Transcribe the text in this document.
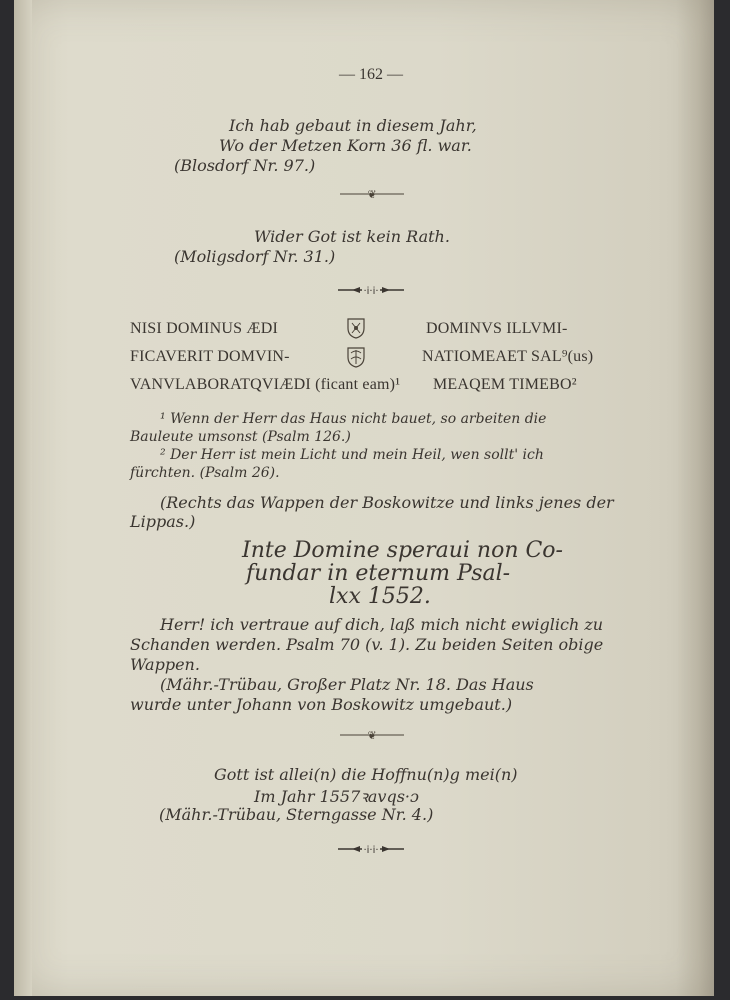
— 162 —
Ich hab gebaut in diesem Jahr,
Wo der Metzen Korn 36 fl. war.
(Blosdorf Nr. 97.)
❦
Wider Got ist kein Rath.
(Moligsdorf Nr. 31.)
·i·i·
NISI DOMINUS ÆDI
FICAVERIT DOMVIN-
VANVLABORATQVIÆDI (ficant eam)¹
DOMINVS ILLVMI-
NATIOMEAET SAL⁹(us)
MEAQEM TIMEBO²
¹ Wenn der Herr das Haus nicht bauet, so arbeiten die
Bauleute umsonst (Psalm 126.)
² Der Herr ist mein Licht und mein Heil, wen sollt' ich
fürchten. (Psalm 26).
(Rechts das Wappen der Boskowitze und links jenes der
Lippas.)
Inte Domine speraui non Co-
fundar in eternum Psal-
lxx 1552.
Herr! ich vertraue auf dich, laß mich nicht ewiglich zu
Schanden werden. Psalm 70 (v. 1). Zu beiden Seiten obige
Wappen.
(Mähr.-Trübau, Großer Platz Nr. 18. Das Haus
wurde unter Johann von Boskowitz umgebaut.)
❦
Gott ist allei(n) die Hoffnu(n)g mei(n)
Im Jahr 1557ꝛavqs·ɔ
(Mähr.-Trübau, Sterngasse Nr. 4.)
·i·i·
